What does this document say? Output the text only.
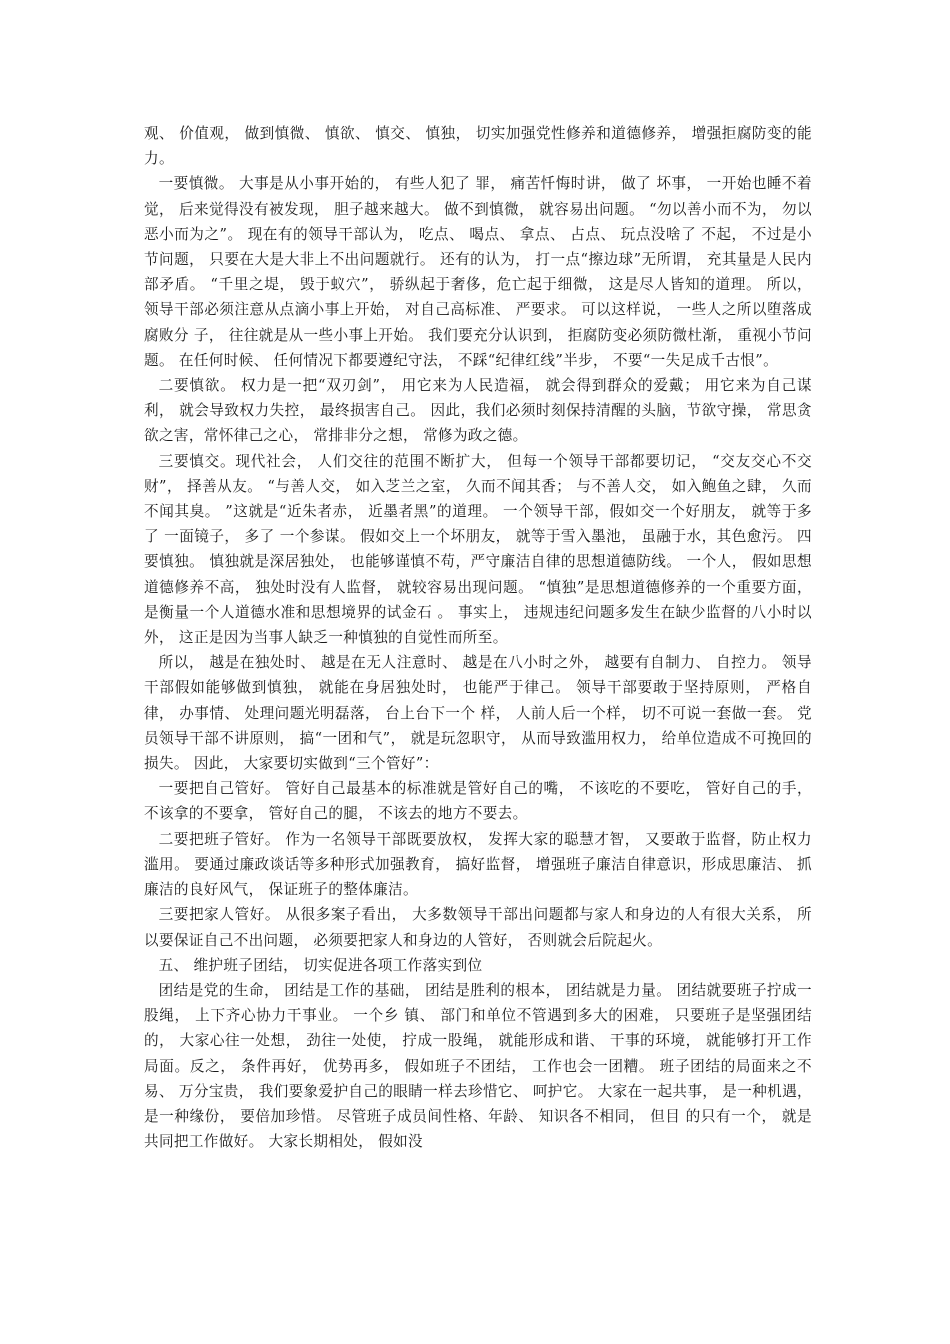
观、 价值观， 做到慎微、 慎欲、 慎交、 慎独， 切实加强党性修养和道德修养， 增强拒腐防变的能力。

一要慎微。 大事是从小事开始的， 有些人犯了 罪， 痛苦忏悔时讲， 做了 坏事， 一开始也睡不着觉， 后来觉得没有被发现， 胆子越来越大。 做不到慎微， 就容易出问题。 “勿以善小而不为， 勿以恶小而为之”。 现在有的领导干部认为， 吃点、 喝点、 拿点、 占点、 玩点没啥了 不起， 不过是小节问题， 只要在大是大非上不出问题就行。 还有的认为， 打一点“擦边球”无所谓， 充其量是人民内部矛盾。 “千里之堤， 毁于蚁穴”， 骄纵起于奢侈，危亡起于细微， 这是尽人皆知的道理。 所以， 领导干部必须注意从点滴小事上开始， 对自己高标准、 严要求。 可以这样说， 一些人之所以堕落成腐败分 子， 往往就是从一些小事上开始。 我们要充分认识到， 拒腐防变必须防微杜渐， 重视小节问题。 在任何时候、 任何情况下都要遵纪守法， 不踩“纪律红线”半步， 不要“一失足成千古恨”。

二要慎欲。 权力是一把“双刃剑”， 用它来为人民造福， 就会得到群众的爱戴； 用它来为自己谋利， 就会导致权力失控， 最终损害自己。 因此，我们必须时刻保持清醒的头脑，节欲守操， 常思贪欲之害，常怀律己之心， 常排非分之想， 常修为政之德。

三要慎交。现代社会， 人们交往的范围不断扩大， 但每一个领导干部都要切记， “交友交心不交财”， 择善从友。 “与善人交， 如入芝兰之室， 久而不闻其香； 与不善人交， 如入鲍鱼之肆， 久而不闻其臭。 ”这就是“近朱者赤， 近墨者黑”的道理。 一个领导干部，假如交一个好朋友， 就等于多了 一面镜子， 多了 一个参谋。 假如交上一个坏朋友， 就等于雪入墨池， 虽融于水，其色愈污。 四要慎独。 慎独就是深居独处， 也能够谨慎不苟，严守廉洁自律的思想道德防线。 一个人， 假如思想道德修养不高， 独处时没有人监督， 就较容易出现问题。 “慎独”是思想道德修养的一个重要方面， 是衡量一个人道德水准和思想境界的试金石 。 事实上， 违规违纪问题多发生在缺少监督的八小时以外， 这正是因为当事人缺乏一种慎独的自觉性而所至。

所以， 越是在独处时、 越是在无人注意时、 越是在八小时之外， 越要有自制力、 自控力。 领导干部假如能够做到慎独， 就能在身居独处时， 也能严于律己。 领导干部要敢于坚持原则， 严格自律， 办事情、 处理问题光明磊落， 台上台下一个 样， 人前人后一个样， 切不可说一套做一套。 党员领导干部不讲原则， 搞“一团和气”， 就是玩忽职守， 从而导致滥用权力， 给单位造成不可挽回的损失。 因此， 大家要切实做到“三个管好”：

一要把自己管好。 管好自己最基本的标准就是管好自己的嘴， 不该吃的不要吃， 管好自己的手，不该拿的不要拿， 管好自己的腿， 不该去的地方不要去。

二要把班子管好。 作为一名领导干部既要放权， 发挥大家的聪慧才智， 又要敢于监督，防止权力滥用。 要通过廉政谈话等多种形式加强教育， 搞好监督， 增强班子廉洁自律意识，形成思廉洁、 抓廉洁的良好风气， 保证班子的整体廉洁。

三要把家人管好。 从很多案子看出， 大多数领导干部出问题都与家人和身边的人有很大关系， 所以要保证自己不出问题， 必须要把家人和身边的人管好， 否则就会后院起火。

五、 维护班子团结， 切实促进各项工作落实到位

团结是党的生命， 团结是工作的基础， 团结是胜利的根本， 团结就是力量。 团结就要班子拧成一股绳， 上下齐心协力干事业。 一个乡 镇、 部门和单位不管遇到多大的困难， 只要班子是坚强团结的， 大家心往一处想， 劲往一处使， 拧成一股绳， 就能形成和谐、 干事的环境， 就能够打开工作局面。反之， 条件再好， 优势再多， 假如班子不团结， 工作也会一团糟。 班子团结的局面来之不易、 万分宝贵， 我们要象爱护自己的眼睛一样去珍惜它、 呵护它。 大家在一起共事， 是一种机遇， 是一种缘份， 要倍加珍惜。 尽管班子成员间性格、年龄、 知识各不相同， 但目 的只有一个， 就是共同把工作做好。 大家长期相处， 假如没
